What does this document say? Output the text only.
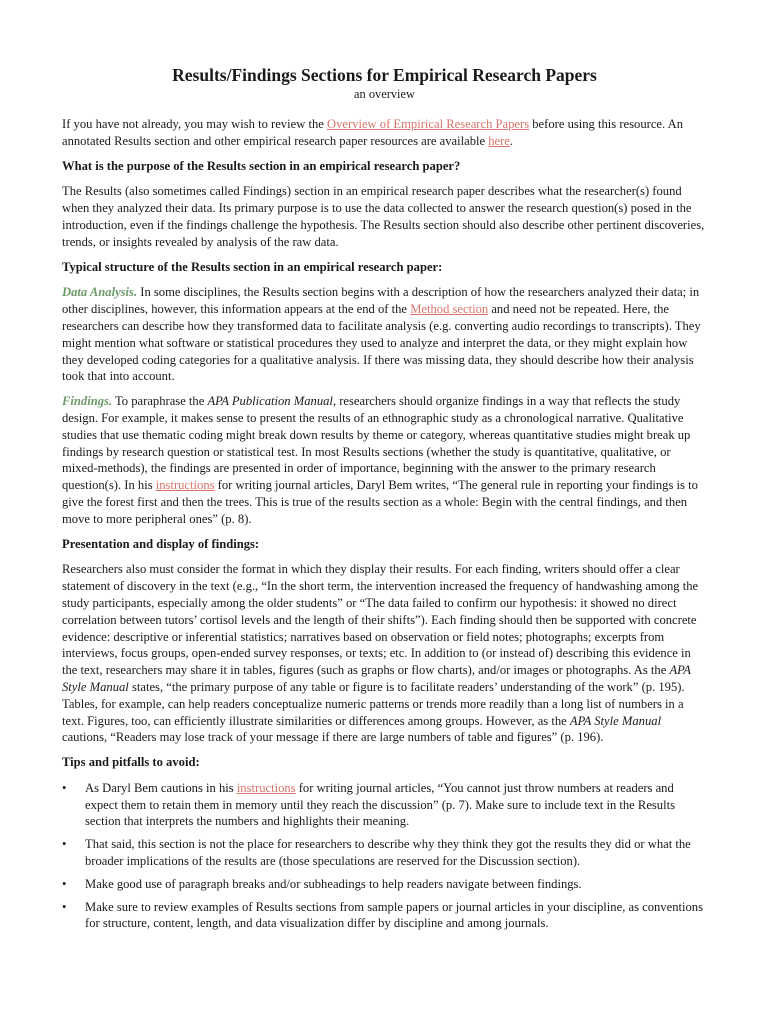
Results/Findings Sections for Empirical Research Papers
an overview

If you have not already, you may wish to review the Overview of Empirical Research Papers before using this resource. An annotated Results section and other empirical research paper resources are available here.

What is the purpose of the Results section in an empirical research paper?

The Results (also sometimes called Findings) section in an empirical research paper describes what the researcher(s) found when they analyzed their data. Its primary purpose is to use the data collected to answer the research question(s) posed in the introduction, even if the findings challenge the hypothesis. The Results section should also describe other pertinent discoveries, trends, or insights revealed by analysis of the raw data.

Typical structure of the Results section in an empirical research paper:

Data Analysis. In some disciplines, the Results section begins with a description of how the researchers analyzed their data; in other disciplines, however, this information appears at the end of the Method section and need not be repeated. Here, the researchers can describe how they transformed data to facilitate analysis (e.g. converting audio recordings to transcripts). They might mention what software or statistical procedures they used to analyze and interpret the data, or they might explain how they developed coding categories for a qualitative analysis. If there was missing data, they should describe how their analysis took that into account.

Findings. To paraphrase the APA Publication Manual, researchers should organize findings in a way that reflects the study design. For example, it makes sense to present the results of an ethnographic study as a chronological narrative. Qualitative studies that use thematic coding might break down results by theme or category, whereas quantitative studies might break up findings by research question or statistical test. In most Results sections (whether the study is quantitative, qualitative, or mixed-methods), the findings are presented in order of importance, beginning with the answer to the primary research question(s). In his instructions for writing journal articles, Daryl Bem writes, “The general rule in reporting your findings is to give the forest first and then the trees. This is true of the results section as a whole: Begin with the central findings, and then move to more peripheral ones” (p. 8).

Presentation and display of findings:

Researchers also must consider the format in which they display their results. For each finding, writers should offer a clear statement of discovery in the text (e.g., “In the short term, the intervention increased the frequency of handwashing among the study participants, especially among the older students” or “The data failed to confirm our hypothesis: it showed no direct correlation between tutors’ cortisol levels and the length of their shifts”). Each finding should then be supported with concrete evidence: descriptive or inferential statistics; narratives based on observation or field notes; photographs; excerpts from interviews, focus groups, open-ended survey responses, or texts; etc. In addition to (or instead of) describing this evidence in the text, researchers may share it in tables, figures (such as graphs or flow charts), and/or images or photographs. As the APA Style Manual states, “the primary purpose of any table or figure is to facilitate readers’ understanding of the work” (p. 195). Tables, for example, can help readers conceptualize numeric patterns or trends more readily than a long list of numbers in a text. Figures, too, can efficiently illustrate similarities or differences among groups. However, as the APA Style Manual cautions, “Readers may lose track of your message if there are large numbers of table and figures” (p. 196).

Tips and pitfalls to avoid:
• As Daryl Bem cautions in his instructions for writing journal articles, “You cannot just throw numbers at readers and expect them to retain them in memory until they reach the discussion” (p. 7). Make sure to include text in the Results section that interprets the numbers and highlights their meaning.
• That said, this section is not the place for researchers to describe why they think they got the results they did or what the broader implications of the results are (those speculations are reserved for the Discussion section).
• Make good use of paragraph breaks and/or subheadings to help readers navigate between findings.
• Make sure to review examples of Results sections from sample papers or journal articles in your discipline, as conventions for structure, content, length, and data visualization differ by discipline and among journals.
